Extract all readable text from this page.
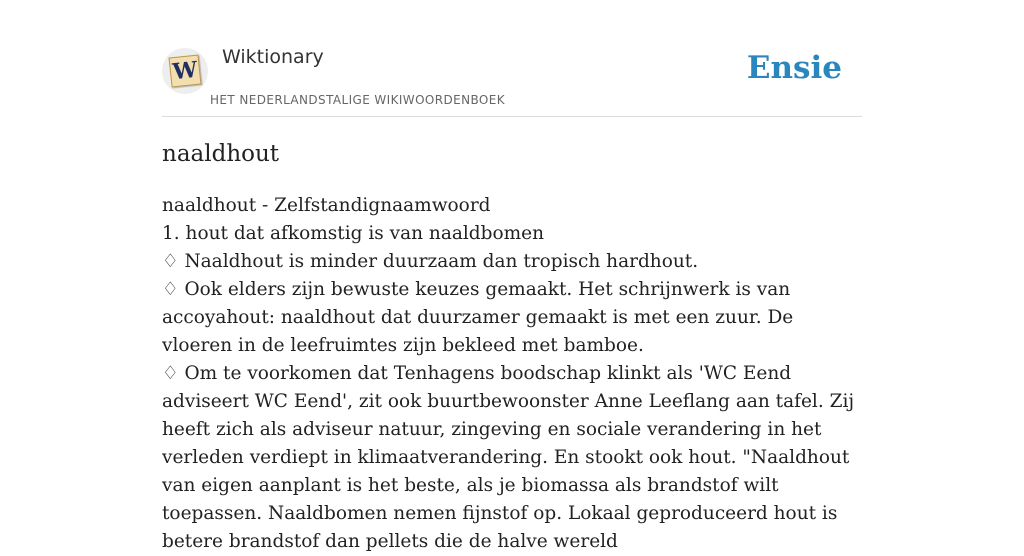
W Wiktionary
HET NEDERLANDSTALIGE WIKIWOORDENBOEK
Ensie
naaldhout

naaldhout - Zelfstandignaamwoord

1. hout dat afkomstig is van naaldbomen

♢ Naaldhout is minder duurzaam dan tropisch hardhout.

♢ Ook elders zijn bewuste keuzes gemaakt. Het schrijnwerk is van accoyahout: naaldhout dat duurzamer gemaakt is met een zuur. De vloeren in de leefruimtes zijn bekleed met bamboe.

♢ Om te voorkomen dat Tenhagens boodschap klinkt als 'WC Eend adviseert WC Eend', zit ook buurtbewoonster Anne Leeflang aan tafel. Zij heeft zich als adviseur natuur, zingeving en sociale verandering in het verleden verdiept in klimaatverandering. En stookt ook hout. "Naaldhout van eigen aanplant is het beste, als je biomassa als brandstof wilt toepassen. Naaldbomen nemen fijnstof op. Lokaal geproduceerd hout is betere brandstof dan pellets die de halve wereld
